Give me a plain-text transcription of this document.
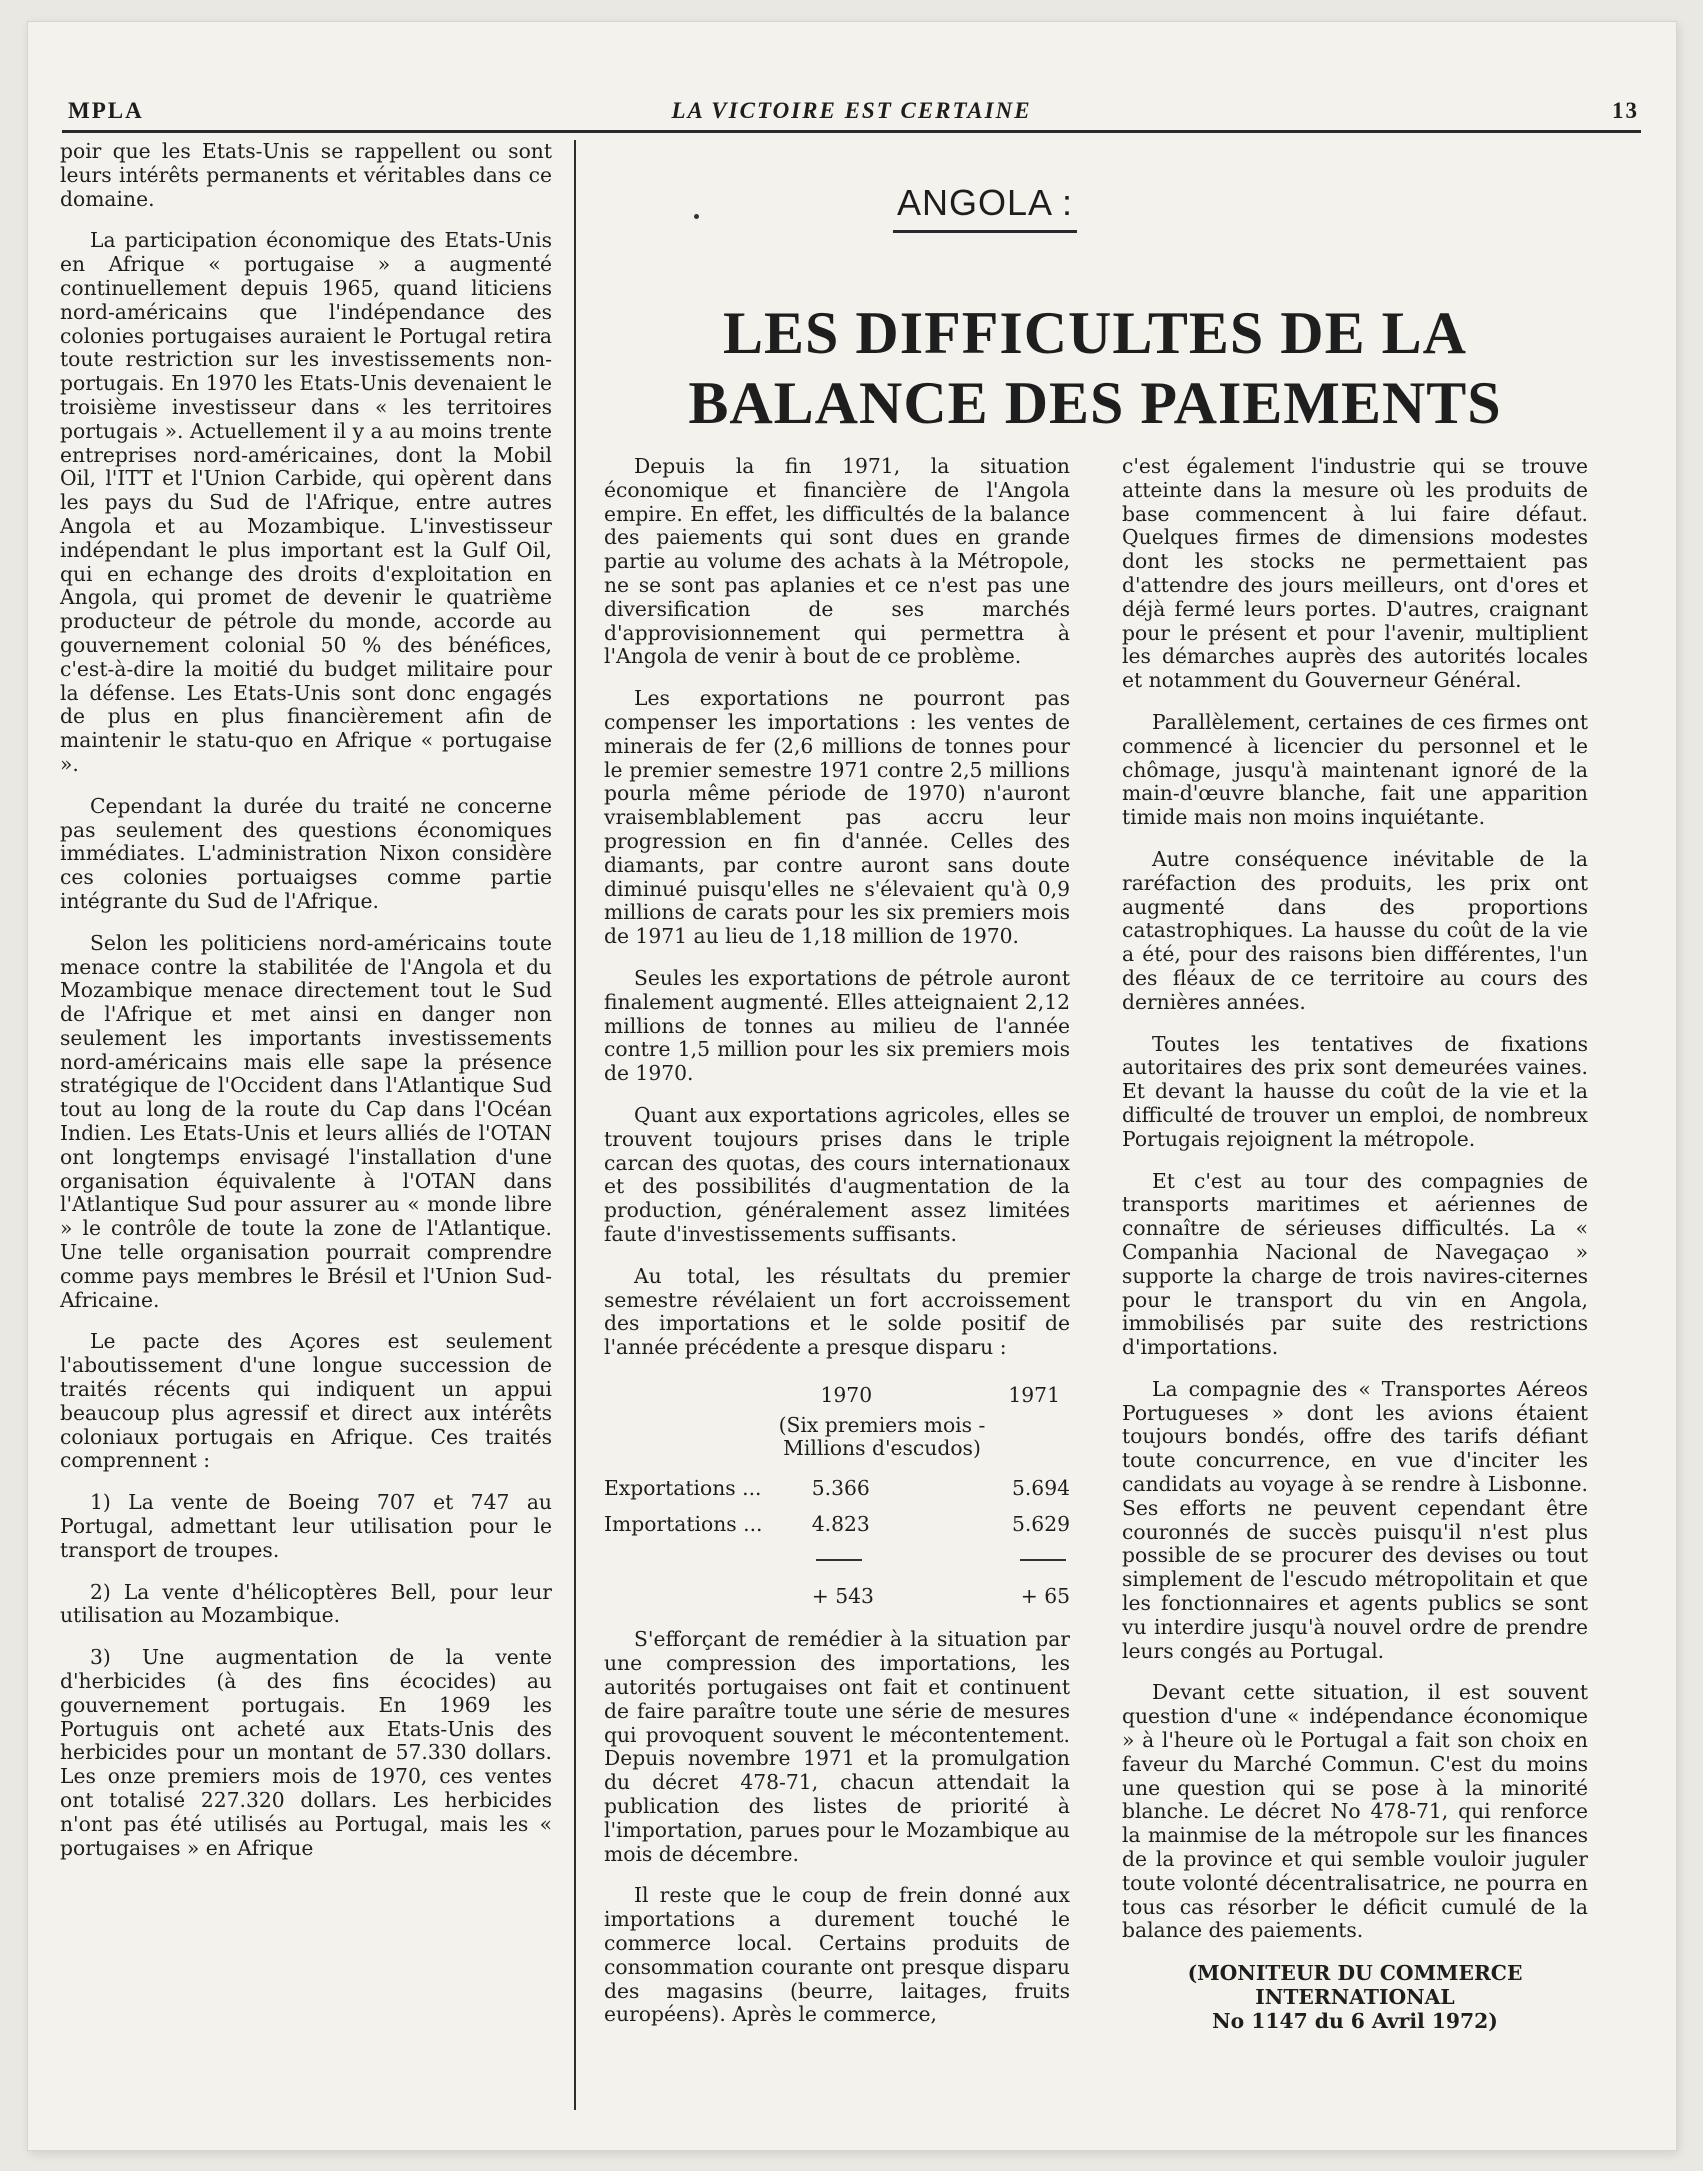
MPLA	LA VICTOIRE EST CERTAINE	13

poir que les Etats-Unis se rappellent ou sont leurs intérêts permanents et véritables dans ce domaine.

La participation économique des Etats-Unis en Afrique « portugaise » a augmenté continuellement depuis 1965, quand liticiens nord-américains que l'indépendance des colonies portugaises auraient le Portugal retira toute restriction sur les investissements non-portugais. En 1970 les Etats-Unis devenaient le troisième investisseur dans « les territoires portugais ». Actuellement il y a au moins trente entreprises nord-américaines, dont la Mobil Oil, l'ITT et l'Union Carbide, qui opèrent dans les pays du Sud de l'Afrique, entre autres Angola et au Mozambique. L'investisseur indépendant le plus important est la Gulf Oil, qui en echange des droits d'exploitation en Angola, qui promet de devenir le quatrième producteur de pétrole du monde, accorde au gouvernement colonial 50 % des bénéfices, c'est-à-dire la moitié du budget militaire pour la défense. Les Etats-Unis sont donc engagés de plus en plus financièrement afin de maintenir le statu-quo en Afrique « portugaise ».

Cependant la durée du traité ne concerne pas seulement des questions économiques immédiates. L'administration Nixon considère ces colonies portuaigses comme partie intégrante du Sud de l'Afrique.

Selon les politiciens nord-américains toute menace contre la stabilitée de l'Angola et du Mozambique menace directement tout le Sud de l'Afrique et met ainsi en danger non seulement les importants investissements nord-américains mais elle sape la présence stratégique de l'Occident dans l'Atlantique Sud tout au long de la route du Cap dans l'Océan Indien. Les Etats-Unis et leurs alliés de l'OTAN ont longtemps envisagé l'installation d'une organisation équivalente à l'OTAN dans l'Atlantique Sud pour assurer au « monde libre » le contrôle de toute la zone de l'Atlantique. Une telle organisation pourrait comprendre comme pays membres le Brésil et l'Union Sud-Africaine.

Le pacte des Açores est seulement l'aboutissement d'une longue succession de traités récents qui indiquent un appui beaucoup plus agressif et direct aux intérêts coloniaux portugais en Afrique. Ces traités comprennent :

1) La vente de Boeing 707 et 747 au Portugal, admettant leur utilisation pour le transport de troupes.
2) La vente d'hélicoptères Bell, pour leur utilisation au Mozambique.
3) Une augmentation de la vente d'herbicides (à des fins écocides) au gouvernement portugais. En 1969 les Portuguis ont acheté aux Etats-Unis des herbicides pour un montant de 57.330 dollars. Les onze premiers mois de 1970, ces ventes ont totalisé 227.320 dollars. Les herbicides n'ont pas été utilisés au Portugal, mais les « portugaises » en Afrique
ANGOLA :
LES DIFFICULTES DE LA
BALANCE DES PAIEMENTS

Depuis la fin 1971, la situation économique et financière de l'Angola empire. En effet, les difficultés de la balance des paiements qui sont dues en grande partie au volume des achats à la Métropole, ne se sont pas aplanies et ce n'est pas une diversification de ses marchés d'approvisionnement qui permettra à l'Angola de venir à bout de ce problème.

Les exportations ne pourront pas compenser les importations : les ventes de minerais de fer (2,6 millions de tonnes pour le premier semestre 1971 contre 2,5 millions pourla même période de 1970) n'auront vraisemblablement pas accru leur progression en fin d'année. Celles des diamants, par contre auront sans doute diminué puisqu'elles ne s'élevaient qu'à 0,9 millions de carats pour les six premiers mois de 1971 au lieu de 1,18 million de 1970.

Seules les exportations de pétrole auront finalement augmenté. Elles atteignaient 2,12 millions de tonnes au milieu de l'année contre 1,5 million pour les six premiers mois de 1970.

Quant aux exportations agricoles, elles se trouvent toujours prises dans le triple carcan des quotas, des cours internationaux et des possibilités d'augmentation de la production, généralement assez limitées faute d'investissements suffisants.

Au total, les résultats du premier semestre révélaient un fort accroissement des importations et le solde positif de l'année précédente a presque disparu :

	1970	1971
(Six premiers mois - Millions d'escudos)		
Exportations ...	5.366	5.694
Importations ...	4.823	5.629

	+ 543	+ 65

S'efforçant de remédier à la situation par une compression des importations, les autorités portugaises ont fait et continuent de faire paraître toute une série de mesures qui provoquent souvent le mécontentement. Depuis novembre 1971 et la promulgation du décret 478-71, chacun attendait la publication des listes de priorité à l'importation, parues pour le Mozambique au mois de décembre.

Il reste que le coup de frein donné aux importations a durement touché le commerce local. Certains produits de consommation courante ont presque disparu des magasins (beurre, laitages, fruits européens). Après le commerce,

c'est également l'industrie qui se trouve atteinte dans la mesure où les produits de base commencent à lui faire défaut. Quelques firmes de dimensions modestes dont les stocks ne permettaient pas d'attendre des jours meilleurs, ont d'ores et déjà fermé leurs portes. D'autres, craignant pour le présent et pour l'avenir, multiplient les démarches auprès des autorités locales et notamment du Gouverneur Général.

Parallèlement, certaines de ces firmes ont commencé à licencier du personnel et le chômage, jusqu'à maintenant ignoré de la main-d'œuvre blanche, fait une apparition timide mais non moins inquiétante.

Autre conséquence inévitable de la raréfaction des produits, les prix ont augmenté dans des proportions catastrophiques. La hausse du coût de la vie a été, pour des raisons bien différentes, l'un des fléaux de ce territoire au cours des dernières années.

Toutes les tentatives de fixations autoritaires des prix sont demeurées vaines. Et devant la hausse du coût de la vie et la difficulté de trouver un emploi, de nombreux Portugais rejoignent la métropole.

Et c'est au tour des compagnies de transports maritimes et aériennes de connaître de sérieuses difficultés. La « Companhia Nacional de Navegaçao » supporte la charge de trois navires-citernes pour le transport du vin en Angola, immobilisés par suite des restrictions d'importations.

La compagnie des « Transportes Aéreos Portugueses » dont les avions étaient toujours bondés, offre des tarifs défiant toute concurrence, en vue d'inciter les candidats au voyage à se rendre à Lisbonne. Ses efforts ne peuvent cependant être couronnés de succès puisqu'il n'est plus possible de se procurer des devises ou tout simplement de l'escudo métropolitain et que les fonctionnaires et agents publics se sont vu interdire jusqu'à nouvel ordre de prendre leurs congés au Portugal.

Devant cette situation, il est souvent question d'une « indépendance économique » à l'heure où le Portugal a fait son choix en faveur du Marché Commun. C'est du moins une question qui se pose à la minorité blanche. Le décret No 478-71, qui renforce la mainmise de la métropole sur les finances de la province et qui semble vouloir juguler toute volonté décentralisatrice, ne pourra en tous cas résorber le déficit cumulé de la balance des paiements.

(MONITEUR DU COMMERCE
INTERNATIONAL
No 1147 du 6 Avril 1972)
